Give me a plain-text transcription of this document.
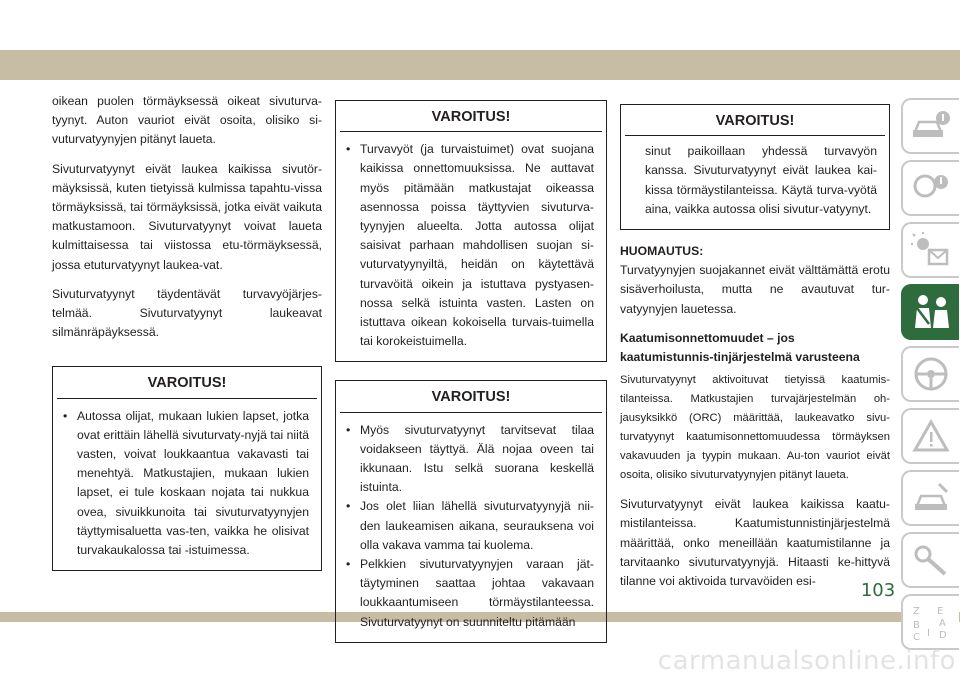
oikean puolen törmäyksessä oikeat sivuturva-tyynyt. Auton vauriot eivät osoita, olisiko si-vuturvatyynyjen pitänyt laueta.

Sivuturvatyynyt eivät laukea kaikissa sivutör-mäyksissä, kuten tietyissä kulmissa tapahtu-vissa törmäyksissä, tai törmäyksissä, jotka eivät vaikuta matkustamoon. Sivuturvatyynyt voivat laueta kulmittaisessa tai viistossa etu-törmäyksessä, jossa etuturvatyynyt laukea-vat.

Sivuturvatyynyt täydentävät turvavyöjärjes-telmää. Sivuturvatyynyt laukeavat silmänräpäyksessä.

VAROITUS!
• Autossa olijat, mukaan lukien lapset, jotka ovat erittäin lähellä sivuturvaty-nyjä tai niitä vasten, voivat loukkaantua vakavasti tai menehtyä. Matkustajien, mukaan lukien lapset, ei tule koskaan nojata tai nukkua ovea, sivuikkunoita tai sivuturvatyynyjen täyttymisaluetta vas-ten, vaikka he olisivat turvakaukalossa tai -istuimessa.
VAROITUS!
• Turvavyöt (ja turvaistuimet) ovat suojana kaikissa onnettomuuksissa. Ne auttavat myös pitämään matkustajat oikeassa asennossa poissa täyttyvien sivuturva-tyynyjen alueelta. Jotta autossa olijat saisivat parhaan mahdollisen suojan si-vuturvatyynyiltä, heidän on käytettävä turvavöitä oikein ja istuttava pystyasen-nossa selkä istuinta vasten. Lasten on istuttava oikean kokoisella turvais-tuimella tai korokeistuimella.
VAROITUS!
• Myös sivuturvatyynyt tarvitsevat tilaa voidakseen täyttyä. Älä nojaa oveen tai ikkunaan. Istu selkä suorana keskellä istuinta.
• Jos olet liian lähellä sivuturvatyynyjä nii-den laukeamisen aikana, seurauksena voi olla vakava vamma tai kuolema.
• Pelkkien sivuturvatyynyjen varaan jät-täytyminen saattaa johtaa vakavaan loukkaantumiseen törmäystilanteessa. Sivuturvatyynyt on suunniteltu pitämään
VAROITUS!
sinut paikoillaan yhdessä turvavyön kanssa. Sivuturvatyynyt eivät laukea kai-kissa törmäystilanteissa. Käytä turva-vyötä aina, vaikka autossa olisi sivutur-vatyynyt.
HUOMAUTUS:

Turvatyynyjen suojakannet eivät välttämättä erotu sisäverhoilusta, mutta ne avautuvat tur-vatyynyjen lauetessa.

Kaatumisonnettomuudet – jos kaatumistunnis-tinjärjestelmä varusteena

Sivuturvatyynyt aktivoituvat tietyissä kaatumis-tilanteissa. Matkustajien turvajärjestelmän oh-jausyksikkö (ORC) määrittää, laukeavatko sivu-turvatyynyt kaatumisonnettomuudessa törmäyksen vakavuuden ja tyypin mukaan. Au-ton vauriot eivät osoita, olisiko sivuturvatyynyjen pitänyt laueta.

Sivuturvatyynyt eivät laukea kaikissa kaatu-mistilanteissa. Kaatumistunnistinjärjestelmä määrittää, onko meneillään kaatumistilanne ja tarvitaanko sivuturvatyynyjä. Hitaasti ke-hittyvä tilanne voi aktivoida turvavöiden esi-

Z E
B A
C D
I
103
carmanualsonline.info
